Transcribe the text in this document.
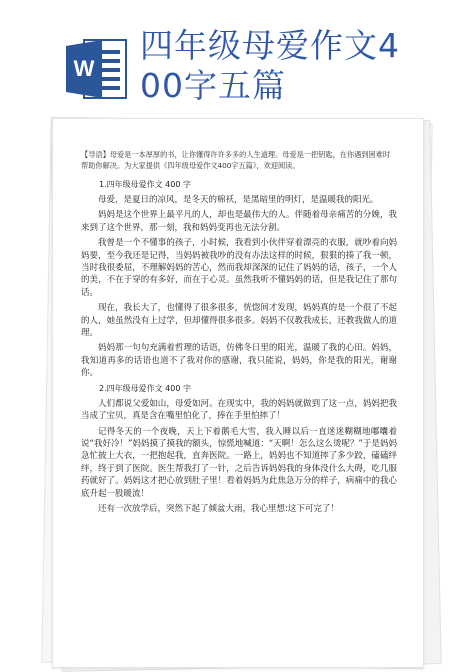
W
四年级母爱作文4
00字五篇

【导语】母爱是一本厚厚的书，让你懂得许许多多的人生道理。母爱是一把钥匙，在你遇到困难时帮助你解决。为大家提供《四年级母爱作文400字五篇》，欢迎阅读。

1.四年级母爱作文 400 字

母爱，是夏日的凉风，是冬天的棉袄，是黑暗里的明灯，是温暖我的阳光。

妈妈是这个世界上最平凡的人，却也是最伟大的人。伴随着母亲痛苦的分娩，我来到了这个世界，那一刻，我和妈妈变再也无法分割。

我曾是一个不懂事的孩子，小时候，我看到小伙伴穿着漂亮的衣服，就吵着向妈妈要，至今我还是记得，当妈妈被我吵的没有办法这样的时候，狠狠的揍了我一顿，当时我很委屈，不理解妈妈的苦心，然而我却深深的记住了妈妈的话，孩子，一个人的美，不在于穿的有多好，而在于心灵。虽然我听不懂妈妈的话，但是我记住了那句话。

现在，我长大了，也懂得了很多很多，恍惚间才发现，妈妈真的是一个很了不起的人，她虽然没有上过学，但却懂得很多很多。妈妈不仅教我成长，还教我做人的道理。

妈妈那一句句充满着哲理的话语，仿佛冬日里的阳光，温暖了我的心田。妈妈，我知道再多的话语也道不了我对你的感谢，我只能说，妈妈，你是我的阳光，谢谢你。

2.四年级母爱作文 400 字

人们都说父爱如山，母爱如河。在现实中，我的妈妈就做到了这一点，妈妈把我当成了宝贝，真是含在嘴里怕化了，捧在手里怕摔了！

记得冬天的一个夜晚，天上下着鹅毛大雪，我入睡以后一直迷迷糊糊地嘟囔着说“我好冷！”妈妈摸了摸我的额头，惊慌地喊道：“天啊！怎么这么烫呢？”于是妈妈急忙披上大衣，一把抱起我，直奔医院。一路上，妈妈也不知道摔了多少跤，磕磕绊绊，终于到了医院。医生帮我打了一针，之后告诉妈妈我的身体没什么大碍，吃几服药就好了。妈妈这才把心放到肚子里！看着妈妈为此焦急万分的样子，病痛中的我心底升起一股暖流！

还有一次放学后，突然下起了倾盆大雨，我心里想:这下可完了！
